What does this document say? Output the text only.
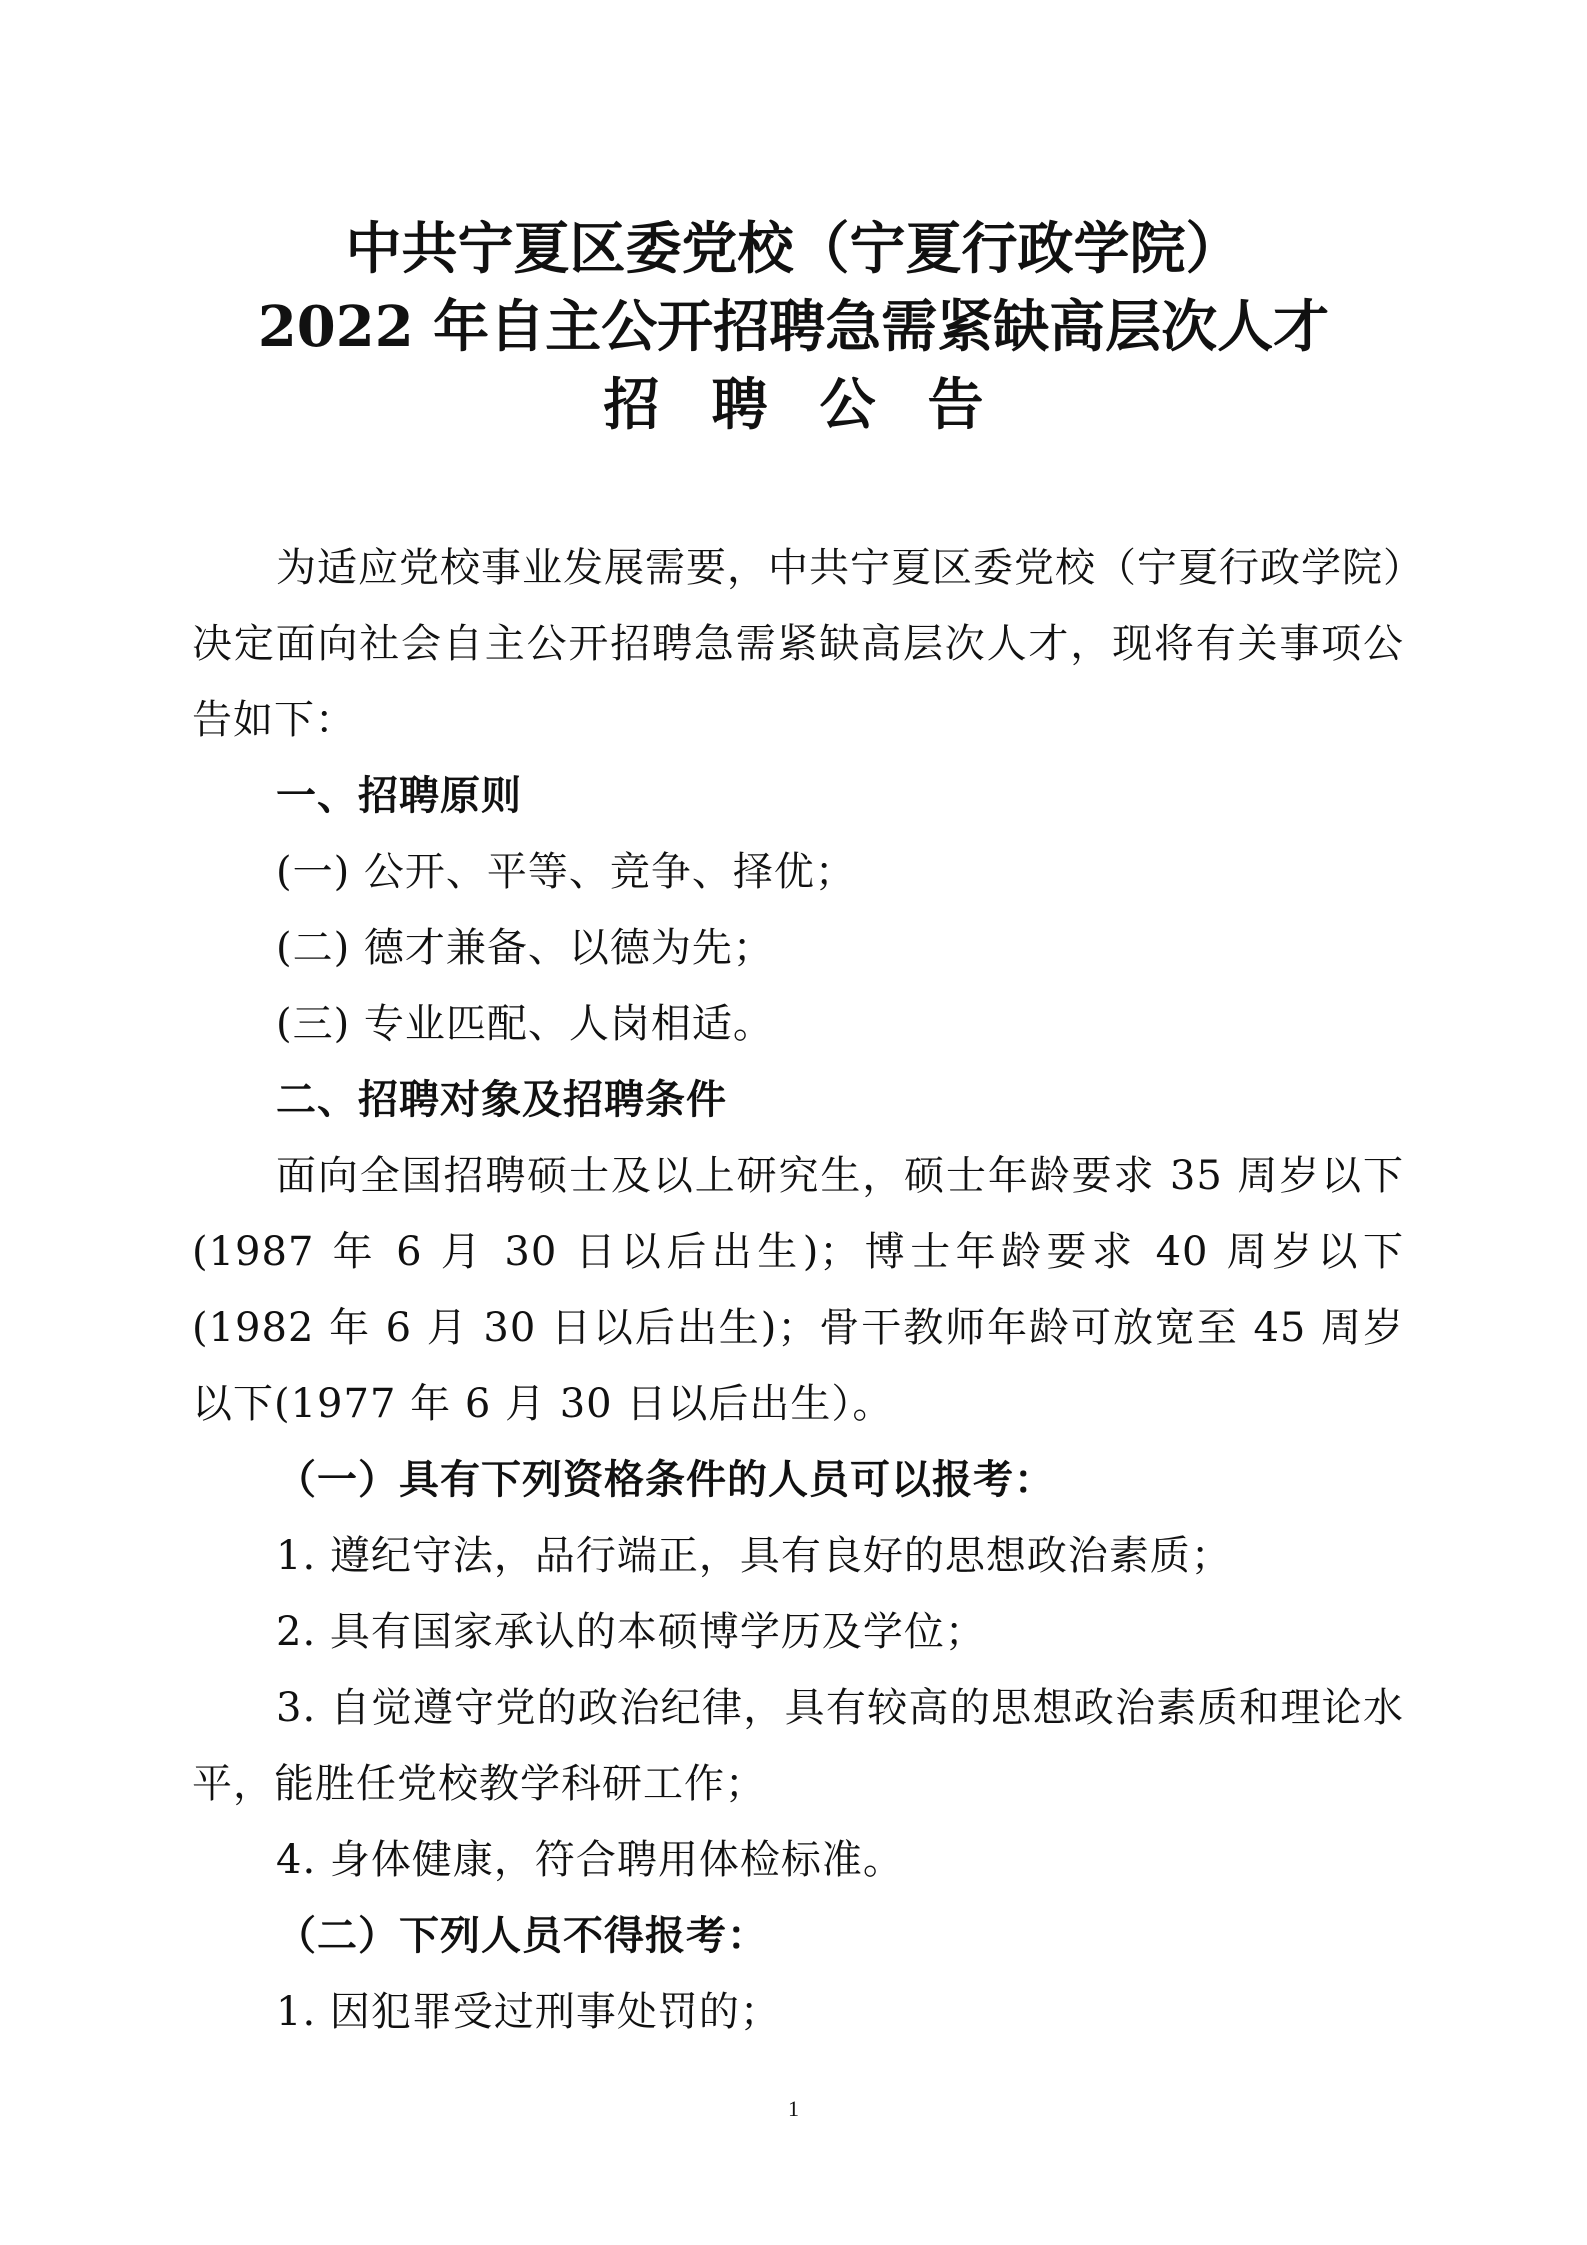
中共宁夏区委党校（宁夏行政学院）
2022 年自主公开招聘急需紧缺高层次人才
招聘公告

为适应党校事业发展需要，中共宁夏区委党校（宁夏行政学院）决定面向社会自主公开招聘急需紧缺高层次人才，现将有关事项公告如下：

一、招聘原则

(一) 公开、平等、竞争、择优；

(二) 德才兼备、以德为先；

(三) 专业匹配、人岗相适。

二、招聘对象及招聘条件

面向全国招聘硕士及以上研究生，硕士年龄要求 35 周岁以下(1987 年 6 月 30 日以后出生)；博士年龄要求 40 周岁以下(1982 年 6 月 30 日以后出生)；骨干教师年龄可放宽至 45 周岁以下(1977 年 6 月 30 日以后出生）。

（一）具有下列资格条件的人员可以报考：

1. 遵纪守法，品行端正，具有良好的思想政治素质；

2. 具有国家承认的本硕博学历及学位；

3. 自觉遵守党的政治纪律，具有较高的思想政治素质和理论水平，能胜任党校教学科研工作；

4. 身体健康，符合聘用体检标准。

（二）下列人员不得报考：

1. 因犯罪受过刑事处罚的；

1
